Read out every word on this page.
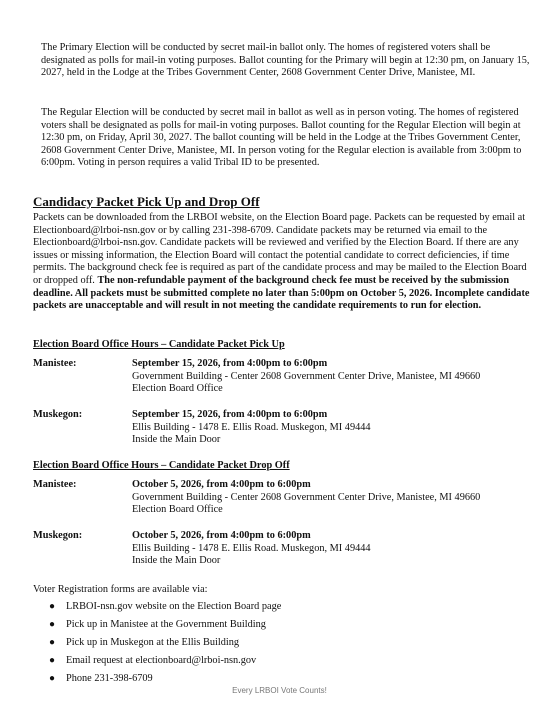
The Primary Election will be conducted by secret mail-in ballot only. The homes of registered voters shall be designated as polls for mail-in voting purposes. Ballot counting for the Primary will begin at 12:30 pm, on January 15, 2027, held in the Lodge at the Tribes Government Center, 2608 Government Center Drive, Manistee, MI.

The Regular Election will be conducted by secret mail in ballot as well as in person voting. The homes of registered voters shall be designated as polls for mail-in voting purposes. Ballot counting for the Regular Election will begin at 12:30 pm, on Friday, April 30, 2027. The ballot counting will be held in the Lodge at the Tribes Government Center, 2608 Government Center Drive, Manistee, MI. In person voting for the Regular election is available from 3:00pm to 6:00pm. Voting in person requires a valid Tribal ID to be presented.

Candidacy Packet Pick Up and Drop Off

Packets can be downloaded from the LRBOI website, on the Election Board page. Packets can be requested by email at Electionboard@lrboi-nsn.gov or by calling 231-398-6709. Candidate packets may be returned via email to the Electionboard@lrboi-nsn.gov. Candidate packets will be reviewed and verified by the Election Board. If there are any issues or missing information, the Election Board will contact the potential candidate to correct deficiencies, if time permits. The background check fee is required as part of the candidate process and may be mailed to the Election Board or dropped off. The non-refundable payment of the background check fee must be received by the submission deadline. All packets must be submitted complete no later than 5:00pm on October 5, 2026. Incomplete candidate packets are unacceptable and will result in not meeting the candidate requirements to run for election.

Election Board Office Hours – Candidate Packet Pick Up
Manistee:	September 15, 2026, from 4:00pm to 6:00pm
Government Building - Center 2608 Government Center Drive, Manistee, MI 49660
Election Board Office
Muskegon:	September 15, 2026, from 4:00pm to 6:00pm
Ellis Building - 1478 E. Ellis Road. Muskegon, MI 49444
Inside the Main Door
Election Board Office Hours – Candidate Packet Drop Off
Manistee:	October 5, 2026, from 4:00pm to 6:00pm
Government Building - Center 2608 Government Center Drive, Manistee, MI 49660
Election Board Office
Muskegon:	October 5, 2026, from 4:00pm to 6:00pm
Ellis Building - 1478 E. Ellis Road. Muskegon, MI 49444
Inside the Main Door

Voter Registration forms are available via:

● LRBOI-nsn.gov website on the Election Board page
● Pick up in Manistee at the Government Building
● Pick up in Muskegon at the Ellis Building
● Email request at electionboard@lrboi-nsn.gov
● Phone 231-398-6709
Every LRBOI Vote Counts!
